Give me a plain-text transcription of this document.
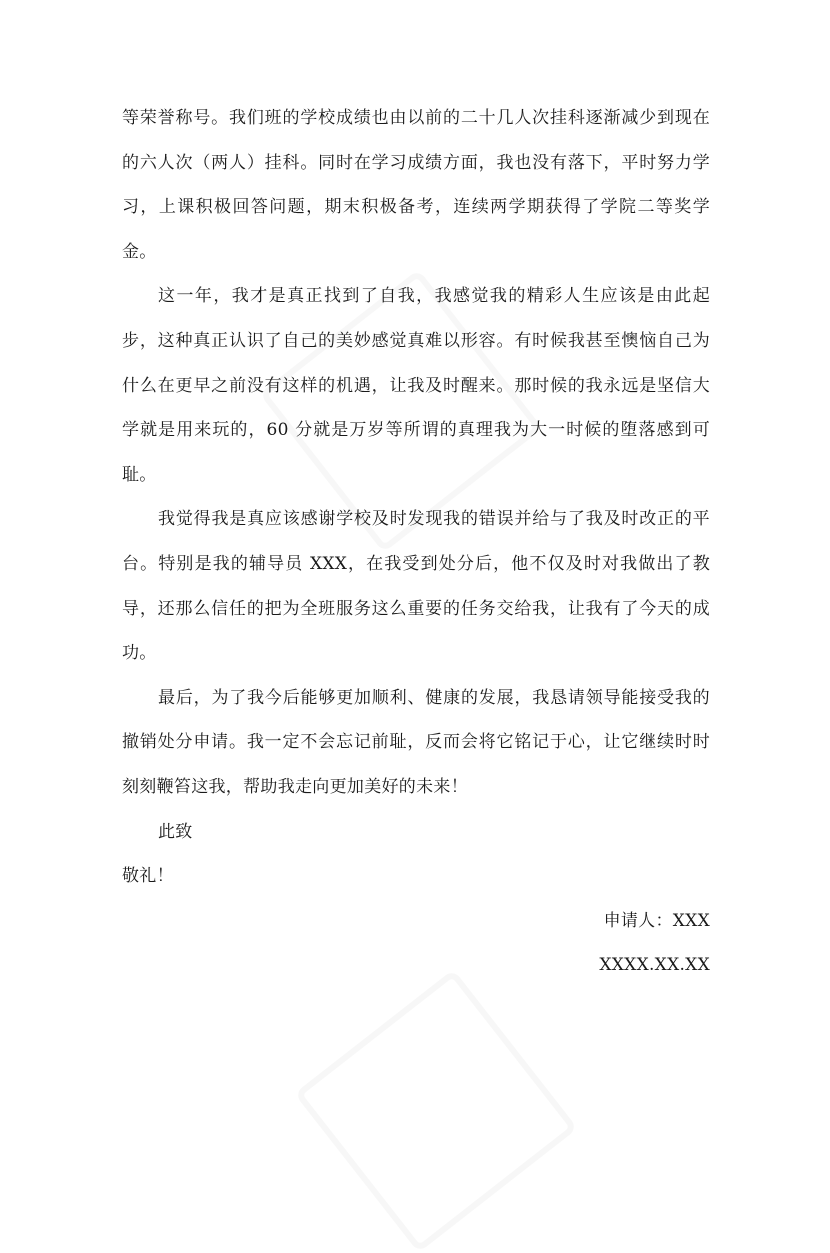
等荣誉称号。我们班的学校成绩也由以前的二十几人次挂科逐渐减少到现在的六人次（两人）挂科。同时在学习成绩方面，我也没有落下，平时努力学习，上课积极回答问题，期末积极备考，连续两学期获得了学院二等奖学金。

这一年，我才是真正找到了自我，我感觉我的精彩人生应该是由此起步，这种真正认识了自己的美妙感觉真难以形容。有时候我甚至懊恼自己为什么在更早之前没有这样的机遇，让我及时醒来。那时候的我永远是坚信大学就是用来玩的，60 分就是万岁等所谓的真理我为大一时候的堕落感到可耻。

我觉得我是真应该感谢学校及时发现我的错误并给与了我及时改正的平台。特别是我的辅导员 XXX，在我受到处分后，他不仅及时对我做出了教导，还那么信任的把为全班服务这么重要的任务交给我，让我有了今天的成功。

最后，为了我今后能够更加顺利、健康的发展，我恳请领导能接受我的撤销处分申请。我一定不会忘记前耻，反而会将它铭记于心，让它继续时时刻刻鞭笞这我，帮助我走向更加美好的未来！

此致

敬礼！

申请人：XXX

XXXX.XX.XX
